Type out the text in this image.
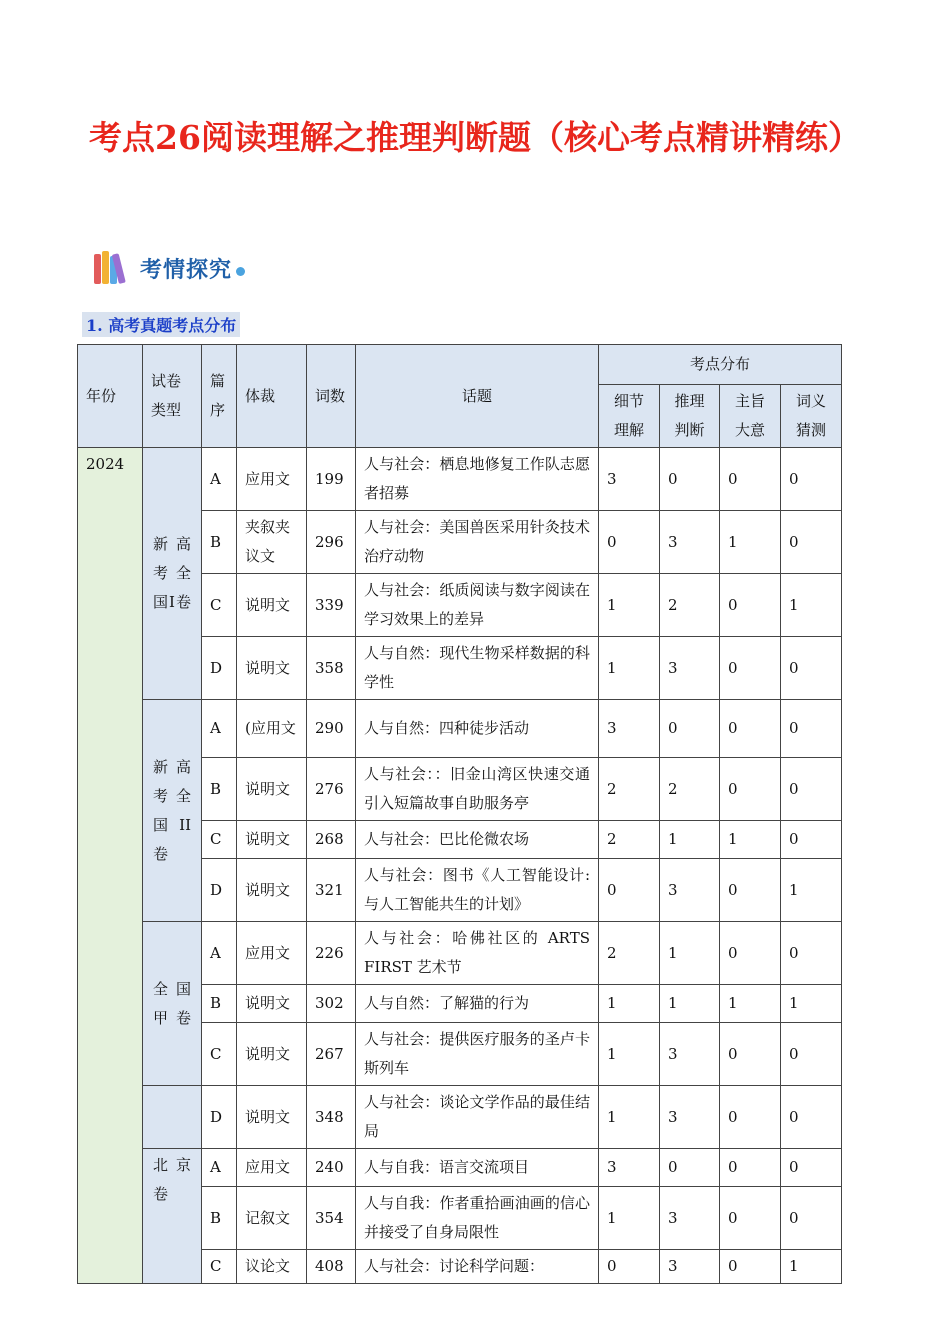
考点26阅读理解之推理判断题（核心考点精讲精练）
考情探究
1. 高考真题考点分布
年份	试卷类型	篇序	体裁	词数	话题	考点分布			
						细节理解	推理判断	主旨大意	词义猜测
2024	新高考全国I卷	A	应用文	199	人与社会：栖息地修复工作队志愿者招募	3	0	0	0
		B	夹叙夹议文	296	人与社会：美国兽医采用针灸技术治疗动物	0	3	1	0
		C	说明文	339	人与社会：纸质阅读与数字阅读在学习效果上的差异	1	2	0	1
		D	说明文	358	人与自然：现代生物采样数据的科学性	1	3	0	0
	新高考全国II卷	A	(应用文	290	人与自然：四种徒步活动	3	0	0	0
		B	说明文	276	人与社会：：旧金山湾区快速交通引入短篇故事自助服务亭	2	2	0	0
		C	说明文	268	人与社会：巴比伦微农场	2	1	1	0
		D	说明文	321	人与社会：图书《人工智能设计:与人工智能共生的计划》	0	3	0	1
	全国甲卷	A	应用文	226	人与社会：哈佛社区的 ARTS FIRST 艺术节	2	1	0	0
		B	说明文	302	人与自然：了解猫的行为	1	1	1	1
		C	说明文	267	人与社会：提供医疗服务的圣卢卡斯列车	1	3	0	0
		D	说明文	348	人与社会：谈论文学作品的最佳结局	1	3	0	0
	北京卷	A	应用文	240	人与自我：语言交流项目	3	0	0	0
		B	记叙文	354	人与自我：作者重拾画油画的信心并接受了自身局限性	1	3	0	0
		C	议论文	408	人与社会：讨论科学问题：	0	3	0	1
